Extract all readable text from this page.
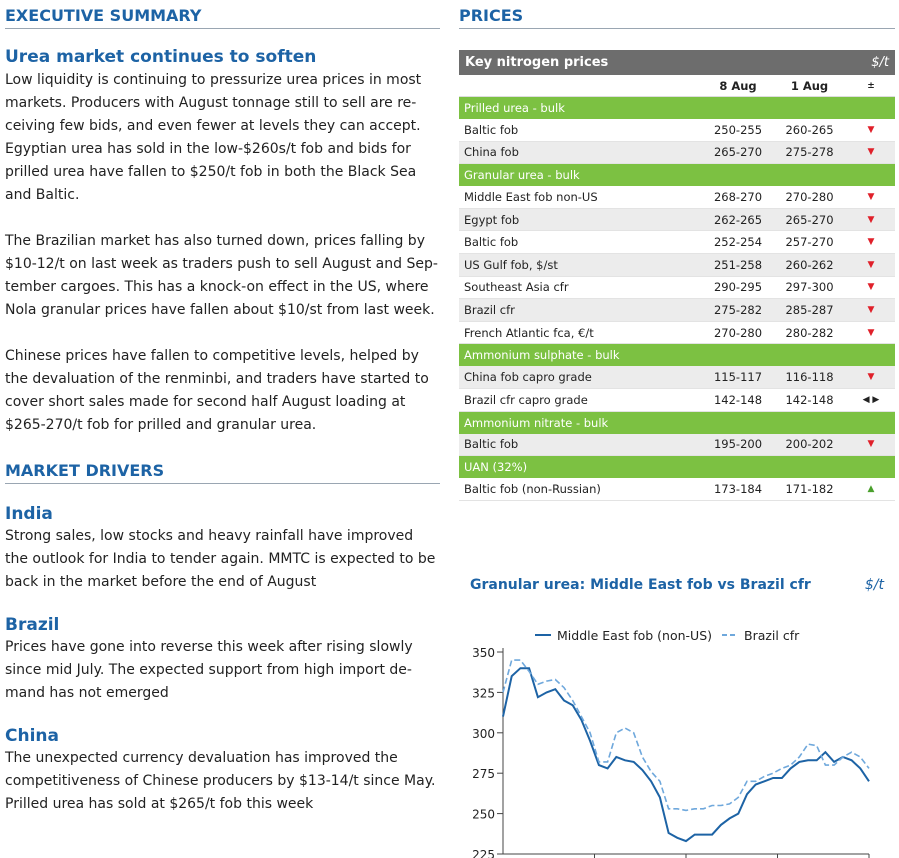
EXECUTIVE SUMMARY
Urea market continues to soften
Low liquidity is continuing to pressurize urea prices in most markets. Producers with August tonnage still to sell are re-ceiving few bids, and even fewer at levels they can accept. Egyptian urea has sold in the low-$260s/t fob and bids for prilled urea have fallen to $250/t fob in both the Black Sea and Baltic.
The Brazilian market has also turned down, prices falling by $10-12/t on last week as traders push to sell August and Sep-tember cargoes. This has a knock-on effect in the US, where Nola granular prices have fallen about $10/st from last week.
Chinese prices have fallen to competitive levels, helped by the devaluation of the renminbi, and traders have started to cover short sales made for second half August loading at $265-270/t fob for prilled and granular urea.
MARKET DRIVERS
India
Strong sales, low stocks and heavy rainfall have improved the outlook for India to tender again. MMTC is expected to be back in the market before the end of August
Brazil
Prices have gone into reverse this week after rising slowly since mid July. The expected support from high import de-mand has not emerged
China
The unexpected currency devaluation has improved the competitiveness of Chinese producers by $13-14/t since May. Prilled urea has sold at $265/t fob this week
PRICES
Key nitrogen prices	$/t
8 Aug	1 Aug	±
Prilled urea - bulk
Baltic fob	250-255	260-265	▼
China fob	265-270	275-278	▼
Granular urea - bulk
Middle East fob non-US	268-270	270-280	▼
Egypt fob	262-265	265-270	▼
Baltic fob	252-254	257-270	▼
US Gulf fob, $/st	251-258	260-262	▼
Southeast Asia cfr	290-295	297-300	▼
Brazil cfr	275-282	285-287	▼
French Atlantic fca, €/t	270-280	280-282	▼
Ammonium sulphate - bulk
China fob capro grade	115-117	116-118	▼
Brazil cfr capro grade	142-148	142-148	◀ ▶
Ammonium nitrate - bulk
Baltic fob	195-200	200-202	▼
UAN (32%)
Baltic fob (non-Russian)	173-184	171-182	▲
Granular urea: Middle East fob vs Brazil cfr	$/t
225
250
275
300
325
350
Middle East fob (non-US)	Brazil cfr
